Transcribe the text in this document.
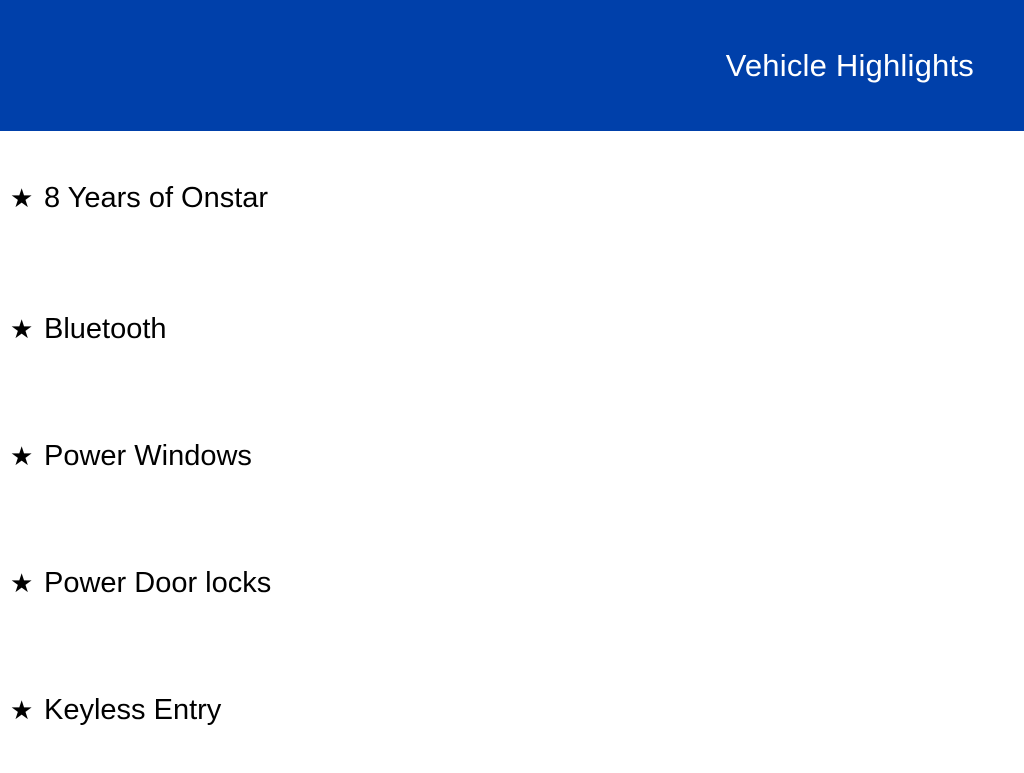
Vehicle Highlights
★ 8 Years of Onstar
★ Bluetooth
★ Power Windows
★ Power Door locks
★ Keyless Entry
